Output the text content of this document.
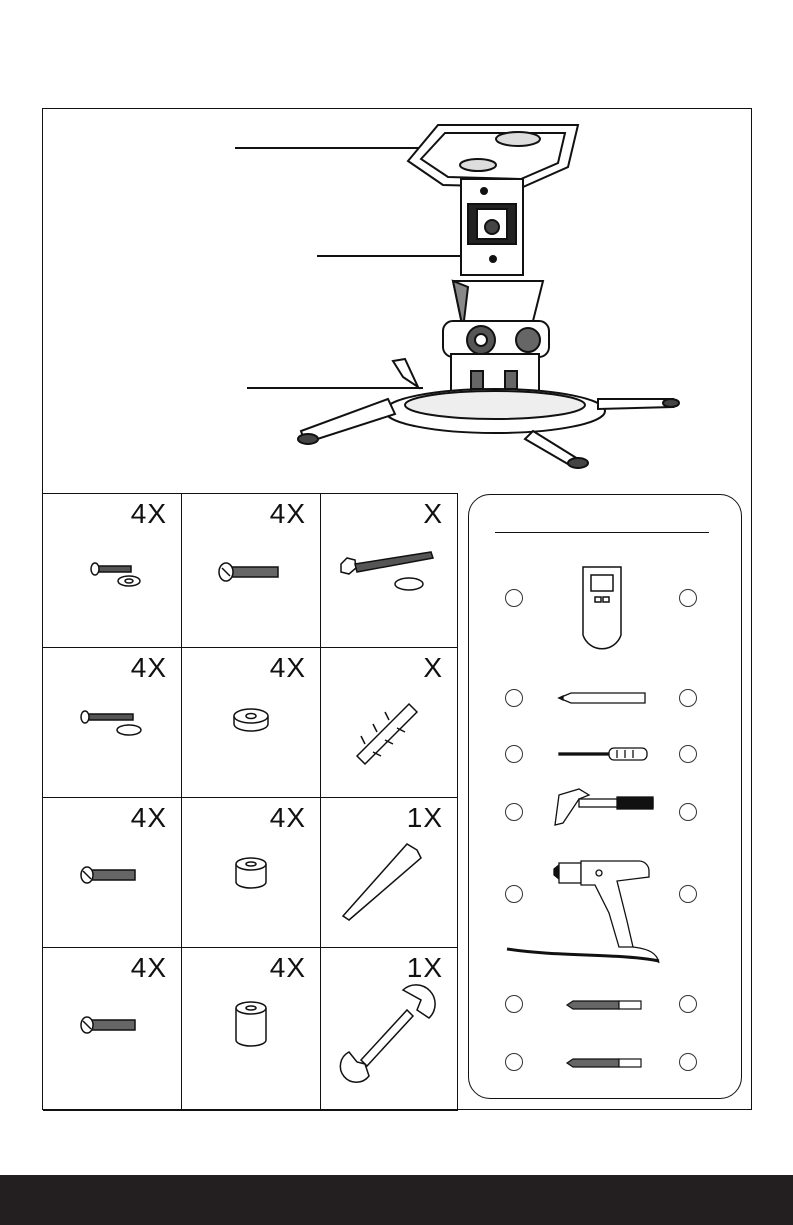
4X	4X	X
4X	4X	X
4X	4X	1X
4X	4X	1X
